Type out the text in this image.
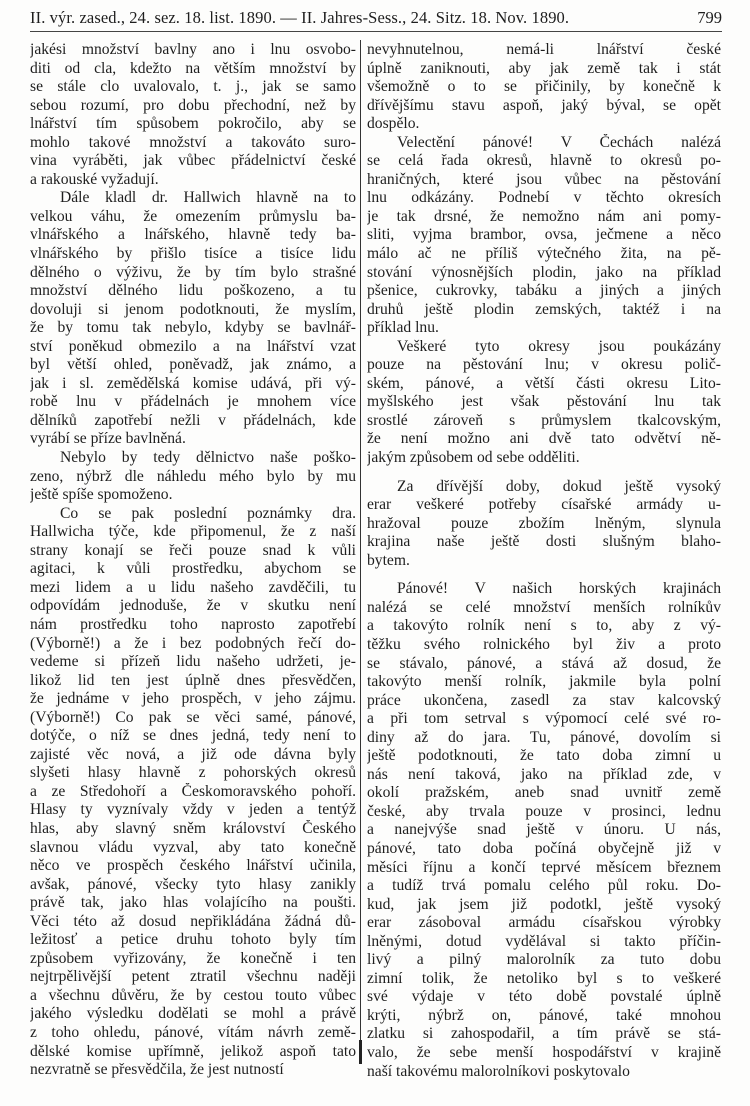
II. výr. zased., 24. sez. 18. list. 1890. — II. Jahres-Sess., 24. Sitz. 18. Nov. 1890.	799
jakési množství bavlny ano i lnu osvobo-
diti od cla, kdežto na větším množství by
se stále clo uvalovalo, t. j., jak se samo
sebou rozumí, pro dobu přechodní, než by
lnářství tím spůsobem pokročilo, aby se
mohlo takové množství a takováto suro-
vina vyráběti, jak vůbec přádelnictví české
a rakouské vyžadují.
Dále kladl dr. Hallwich hlavně na to
velkou váhu, že omezením průmyslu ba-
vlnářského a lnářského, hlavně tedy ba-
vlnářského by přišlo tisíce a tisíce lidu
dělného o výživu, že by tím bylo strašné
množství dělného lidu poškozeno, a tu
dovoluji si jenom podotknouti, že myslím,
že by tomu tak nebylo, kdyby se bavlnář-
ství poněkud obmezilo a na lnářství vzat
byl větší ohled, poněvadž, jak známo, a
jak i sl. zemědělská komise udává, při vý-
robě lnu v přádelnách je mnohem více
dělníků zapotřebí nežli v přádelnách, kde
vyrábí se příze bavlněná.
Nebylo by tedy dělnictvo naše poško-
zeno, nýbrž dle náhledu mého bylo by mu
ještě spíše spomoženo.
Co se pak poslední poznámky dra.
Hallwicha týče, kde připomenul, že z naší
strany konají se řeči pouze snad k vůli
agitaci, k vůli prostředku, abychom se
mezi lidem a u lidu našeho zavděčili, tu
odpovídám jednoduše, že v skutku není
nám prostředku toho naprosto zapotřebí
(Výborně!) a že i bez podobných řečí do-
vedeme si přízeň lidu našeho udržeti, je-
likož lid ten jest úplně dnes přesvědčen,
že jednáme v jeho prospěch, v jeho zájmu.
(Výborně!) Co pak se věci samé, pánové,
dotýče, o níž se dnes jedná, tedy není to
zajisté věc nová, a již ode dávna byly
slyšeti hlasy hlavně z pohorských okresů
a ze Středohoří a Českomoravského pohoří.
Hlasy ty vyznívaly vždy v jeden a tentýž
hlas, aby slavný sněm království Českého
slavnou vládu vyzval, aby tato konečně
něco ve prospěch českého lnářství učinila,
avšak, pánové, všecky tyto hlasy zanikly
právě tak, jako hlas volajícího na poušti.
Věci této až dosud nepřikládána žádná dů-
ležitosť a petice druhu tohoto byly tím
způsobem vyřizovány, že konečně i ten
nejtrpělivější petent ztratil všechnu naději
a všechnu důvěru, že by cestou touto vůbec
jakého výsledku dodělati se mohl a právě
z toho ohledu, pánové, vítám návrh země-
dělské komise upřímně, jelikož aspoň tato
nezvratně se přesvědčila, že jest nutností
nevyhnutelnou, nemá-li lnářství české
úplně zaniknouti, aby jak země tak i stát
všemožně o to se přičinily, by konečně k
dřívějšímu stavu aspoň, jaký býval, se opět
dospělo.
Velectění pánové! V Čechách nalézá
se celá řada okresů, hlavně to okresů po-
hraničných, které jsou vůbec na pěstování
lnu odkázány. Podnebí v těchto okresích
je tak drsné, že nemožno nám ani pomy-
sliti, vyjma brambor, ovsa, ječmene a něco
málo ač ne příliš výtečného žita, na pě-
stování výnosnějších plodin, jako na příklad
pšenice, cukrovky, tabáku a jiných a jiných
druhů ještě plodin zemských, taktéž i na
příklad lnu.
Veškeré tyto okresy jsou poukázány
pouze na pěstování lnu; v okresu polič-
ském, pánové, a větší části okresu Lito-
myšlského jest však pěstování lnu tak
srostlé zároveň s průmyslem tkalcovským,
že není možno ani dvě tato odvětví ně-
jakým způsobem od sebe odděliti.
Za dřívější doby, dokud ještě vysoký
erar veškeré potřeby císařské armády u-
hražoval pouze zbožím lněným, slynula
krajina naše ještě dosti slušným blaho-
bytem.
Pánové! V našich horských krajinách
nalézá se celé množství menších rolníkův
a takovýto rolník není s to, aby z vý-
těžku svého rolnického byl živ a proto
se stávalo, pánové, a stává až dosud, že
takovýto menší rolník, jakmile byla polní
práce ukončena, zasedl za stav kalcovský
a při tom setrval s výpomocí celé své ro-
diny až do jara. Tu, pánové, dovolím si
ještě podotknouti, že tato doba zimní u
nás není taková, jako na příklad zde, v
okolí pražském, aneb snad uvnitř země
české, aby trvala pouze v prosinci, lednu
a nanejvýše snad ještě v únoru. U nás,
pánové, tato doba počíná obyčejně již v
měsíci říjnu a končí teprvé měsícem březnem
a tudíž trvá pomalu celého půl roku. Do-
kud, jak jsem již podotkl, ještě vysoký
erar zásoboval armádu císařskou výrobky
lněnými, dotud vydělával si takto příčin-
livý a pilný malorolník za tuto dobu
zimní tolik, že netoliko byl s to veškeré
své výdaje v této době povstalé úplně
krýti, nýbrž on, pánové, také mnohou
zlatku si zahospodařil, a tím právě se stá-
valo, že sebe menší hospodářství v krajině
naší takovému malorolníkovi poskytovalo
